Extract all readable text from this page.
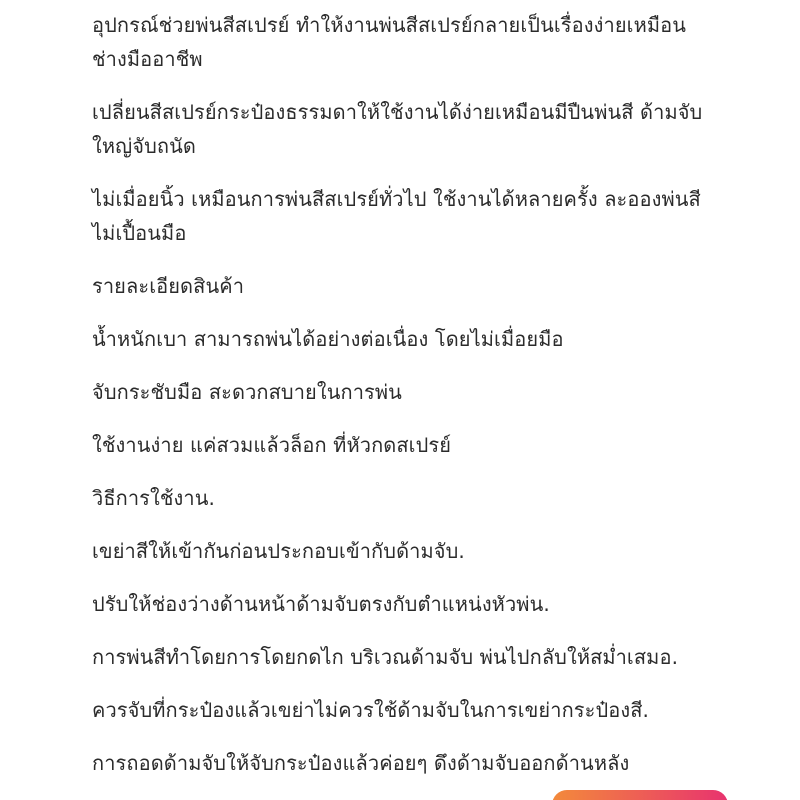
อุปกรณ์ช่วยพ่นสีสเปรย์ ทำให้งานพ่นสีสเปรย์กลายเป็นเรื่องง่ายเหมือนช่างมืออาชีพ

เปลี่ยนสีสเปรย์กระป๋องธรรมดาให้ใช้งานได้ง่ายเหมือนมีปืนพ่นสี ด้ามจับใหญ่จับถนัด

ไม่เมื่อยนิ้ว เหมือนการพ่นสีสเปรย์ทั่วไป ใช้งานได้หลายครั้ง ละอองพ่นสีไม่เปื้อนมือ

รายละเอียดสินค้า

น้ำหนักเบา สามารถพ่นได้อย่างต่อเนื่อง โดยไม่เมื่อยมือ

จับกระชับมือ สะดวกสบายในการพ่น

ใช้งานง่าย แค่สวมแล้วล็อก ที่หัวกดสเปรย์

วิธีการใช้งาน.

เขย่าสีให้เข้ากันก่อนประกอบเข้ากับด้ามจับ.

ปรับให้ช่องว่างด้านหน้าด้ามจับตรงกับตำแหน่งหัวพ่น.

การพ่นสีทำโดยการโดยกดไก บริเวณด้ามจับ พ่นไปกลับให้สม่ำเสมอ.

ควรจับที่กระป๋องแล้วเขย่าไม่ควรใช้ด้ามจับในการเขย่ากระป๋องสี.

การถอดด้ามจับให้จับกระป๋องแล้วค่อยๆ ดึงด้ามจับออกด้านหลัง
